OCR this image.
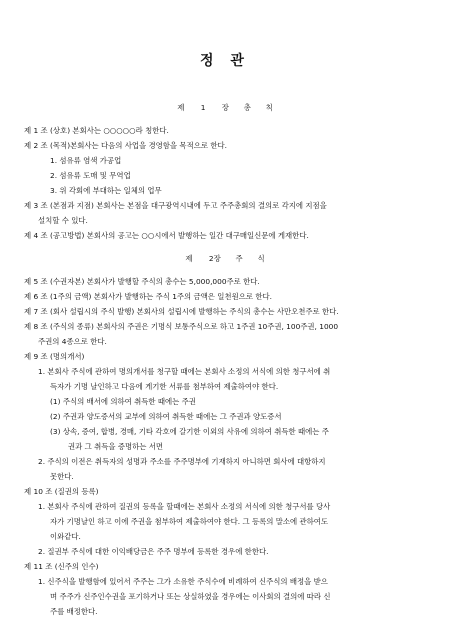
정 관
제 1 장　　총　　칙
제 1 조 (상호) 본회사는 ○○○○○라 칭한다.
제 2 조 (목적)본회사는 다음의 사업을 경영함을 목적으로 한다.
1. 섬유류 염색 가공업
2. 섬유류 도매 및 무역업
3. 위 각회에 부대하는 일체의 업무
제 3 조 (본점과 지점) 본회사는 본점을 대구광역시내에 두고 주주총회의 결의로 각지에 지점을
설치할 수 있다.
제 4 조 (공고방법) 본회사의 공고는 ○○시에서 발행하는 일간 대구매일신문에 게재한다.
제 2장　　주　　식
제 5 조 (수권자본) 본회사가 발행할 주식의 총수는 5,000,000주로 한다.
제 6 조 (1주의 금액) 본회사가 발행하는 주식 1주의 금액은 일천원으로 한다.
제 7 조 (회사 설립시의 주식 발행) 본회사의 설립시에 발행하는 주식의 총수는 사만오천주로 한다.
제 8 조 (주식의 종류) 본회사의 주권은 기명식 보통주식으로 하고 1주권 10주권, 100주권, 1000
주권의 4종으로 한다.
제 9 조 (명의개서)
1. 본회사 주식에 관하여 명의개서를 청구할 때에는 본회사 소정의 서식에 의한 청구서에 취
득자가 기명 날인하고 다음에 게기한 서류를 첨부하여 제출하여야 한다.
(1) 주식의 배서에 의하여 취득한 때에는 주권
(2) 주권과 양도증서의 교부에 의하여 취득한 때에는 그 주권과 양도증서
(3) 상속, 증여, 합병, 경매, 기타 각호에 갈기한 이외의 사유에 의하여 취득한 때에는 주
권과 그 취득을 증명하는 서면
2. 주식의 이전은 취득자의 성명과 주소를 주주명부에 기재하지 아니하면 회사에 대항하지
못한다.
제 10 조 (질권의 등록)
1. 본회사 주식에 관하여 질권의 등록을 할때에는 본회사 소정의 서식에 의한 청구서를 당사
자가 기명날인 하고 이에 주권을 첨부하여 제출하여야 한다. 그 등록의 말소에 관하여도
이와같다.
2. 질권부 주식에 대한 이익배당금은 주주 명부에 등록한 경우에 한한다.
제 11 조 (신주의 인수)
1. 신주식을 발행함에 있어서 주주는 그가 소유한 주식수에 비례하여 신주식의 배정을 받으
며 주주가 신주인수권을 포기하거나 또는 상실하였을 경우에는 이사회의 결의에 따라 신
주를 배정한다.
